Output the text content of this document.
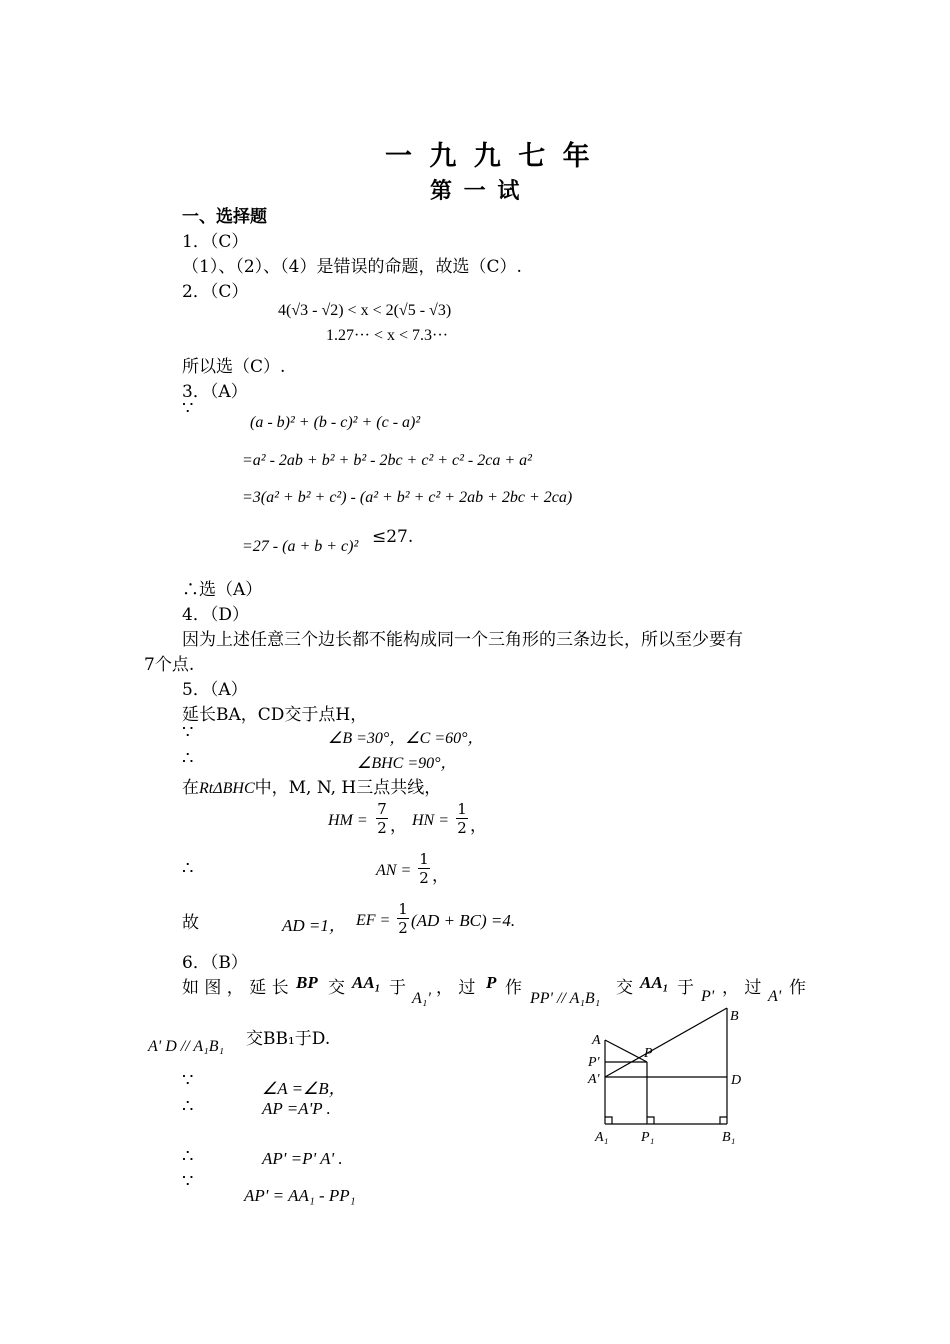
一 九 九 七 年
第 一 试
一、选择题
1．（C）
（1）、（2）、（4）是错误的命题，故选（C）.
2．（C）
4(√3 - √2) < x < 2(√5 - √3)
1.27··· < x < 7.3···
所以选（C）.
3．（A）
∵
(a - b)² + (b - c)² + (c - a)²
=a² - 2ab + b² + b² - 2bc + c² + c² - 2ca + a²
=3(a² + b² + c²) - (a² + b² + c² + 2ab + 2bc + 2ca)
=27 - (a + b + c)² ≤27.
∴选（A）
4．（D）
因为上述任意三个边长都不能构成同一个三角形的三条边长，所以至少要有
7个点.
5．（A）
延长BA，CD交于点H，
∵	∠B =30°，∠C =60°，
∴	∠BHC =90°，
在RtΔBHC中，M, N, H三点共线，
HM =
7
2 ， HN =
1
2 ，
∴	AN =
1
2 ，
故	AD =1， EF =
1
2 (AD + BC) =4.
6．（B）
如 图 ， 延 长 BP 交 AA₁ 于
A₁'
， 过 P 作
PP' // A₁B₁
交 AA₁ 于 P' ， 过 A' 作
A' D // A₁B₁ 交BB₁于D.
∵	∠A =∠B，
∴	AP =A'P .
∴	AP' =P' A' .
∵
AP' = AA₁ - PP₁
A
P'
A'
P
B
D
A₁ P₁	B₁
